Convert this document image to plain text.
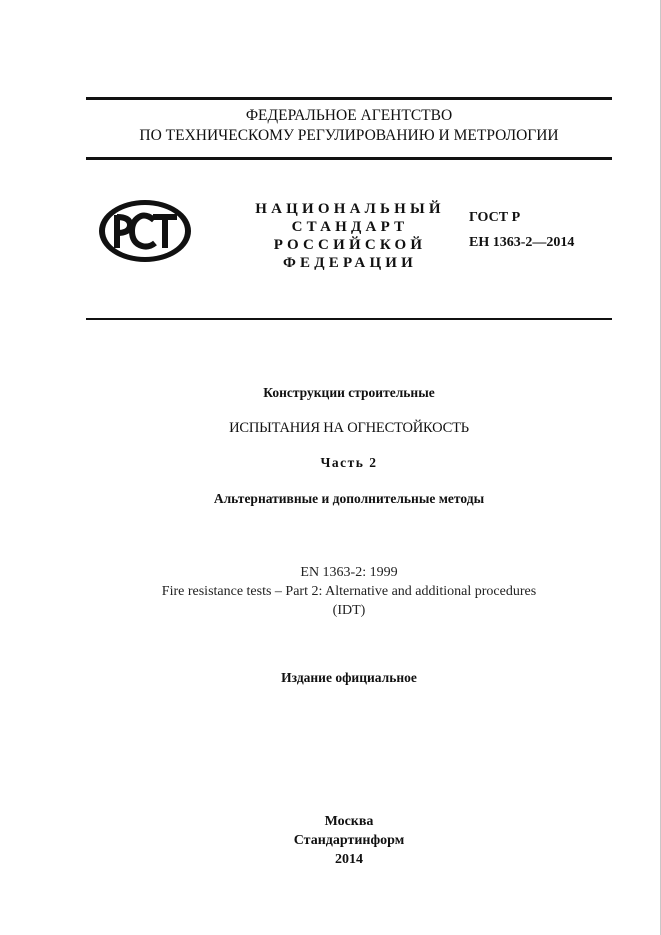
ФЕДЕРАЛЬНОЕ АГЕНТСТВО
ПО ТЕХНИЧЕСКОМУ РЕГУЛИРОВАНИЮ И МЕТРОЛОГИИ
НАЦИОНАЛЬНЫЙ
СТАНДАРТ
РОССИЙСКОЙ
ФЕДЕРАЦИИ
ГОСТ Р
ЕН 1363-2—2014
Конструкции строительные
ИСПЫТАНИЯ НА ОГНЕСТОЙКОСТЬ
Часть 2
Альтернативные и дополнительные методы
EN 1363-2: 1999
Fire resistance tests – Part 2: Alternative and additional procedures
(IDT)
Издание официальное
Москва
Стандартинформ
2014
